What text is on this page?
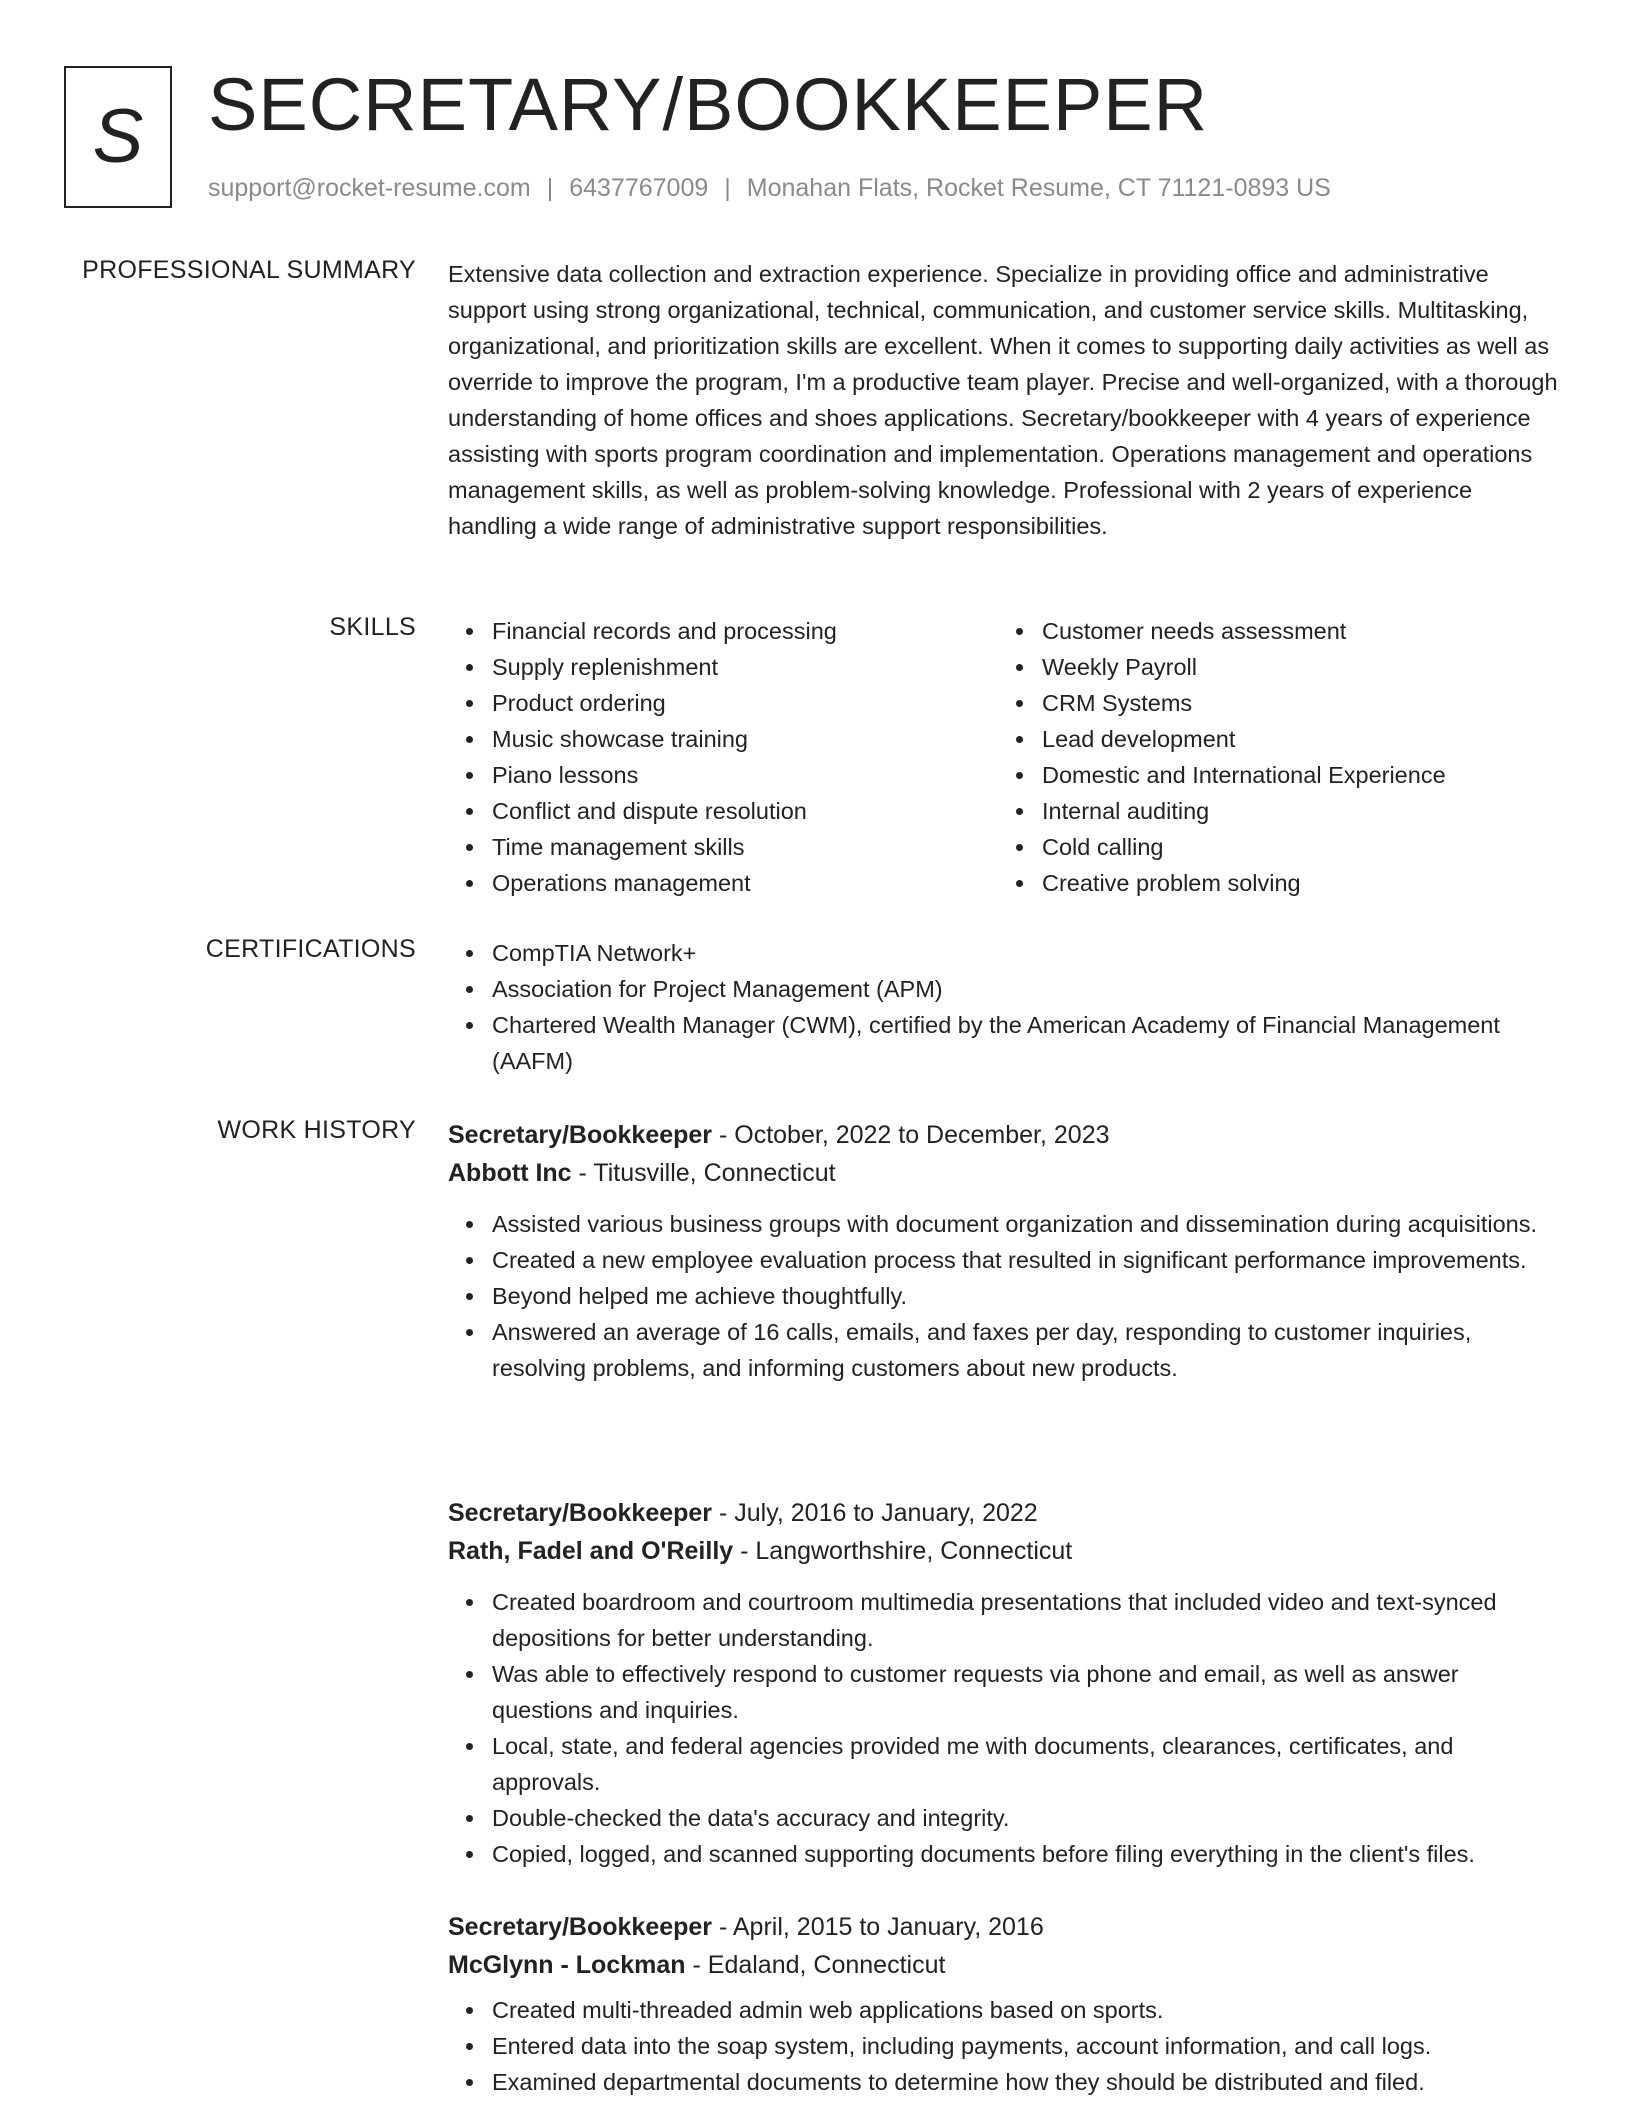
S SECRETARY/BOOKKEEPER
support@rocket-resume.com | 6437767009 | Monahan Flats, Rocket Resume, CT 71121-0893 US
PROFESSIONAL SUMMARY Extensive data collection and extraction experience. Specialize in providing office and administrative support using strong organizational, technical, communication, and customer service skills. Multitasking, organizational, and prioritization skills are excellent. When it comes to supporting daily activities as well as override to improve the program, I'm a productive team player. Precise and well-organized, with a thorough understanding of home offices and shoes applications. Secretary/bookkeeper with 4 years of experience assisting with sports program coordination and implementation. Operations management and operations management skills, as well as problem-solving knowledge. Professional with 2 years of experience handling a wide range of administrative support responsibilities.

SKILLS	Financial records and processing
Supply replenishment
Product ordering
Music showcase training
Piano lessons
Conflict and dispute resolution
Time management skills
Operations management
Customer needs assessment
Weekly Payroll
CRM Systems
Lead development
Domestic and International Experience
Internal auditing
Cold calling
Creative problem solving
CERTIFICATIONS	CompTIA Network+
Association for Project Management (APM)
Chartered Wealth Manager (CWM), certified by the American Academy of Financial Management (AAFM)
WORK HISTORY Secretary/Bookkeeper - October, 2022 to December, 2023
Abbott Inc - Titusville, Connecticut
Assisted various business groups with document organization and dissemination during acquisitions.
Created a new employee evaluation process that resulted in significant performance improvements.
Beyond helped me achieve thoughtfully.
Answered an average of 16 calls, emails, and faxes per day, responding to customer inquiries, resolving problems, and informing customers about new products.
Secretary/Bookkeeper - July, 2016 to January, 2022
Rath, Fadel and O'Reilly - Langworthshire, Connecticut
Created boardroom and courtroom multimedia presentations that included video and text-synced depositions for better understanding.
Was able to effectively respond to customer requests via phone and email, as well as answer questions and inquiries.
Local, state, and federal agencies provided me with documents, clearances, certificates, and approvals.
Double-checked the data's accuracy and integrity.
Copied, logged, and scanned supporting documents before filing everything in the client's files.
Secretary/Bookkeeper - April, 2015 to January, 2016
McGlynn - Lockman - Edaland, Connecticut
Created multi-threaded admin web applications based on sports.
Entered data into the soap system, including payments, account information, and call logs.
Examined departmental documents to determine how they should be distributed and filed.
